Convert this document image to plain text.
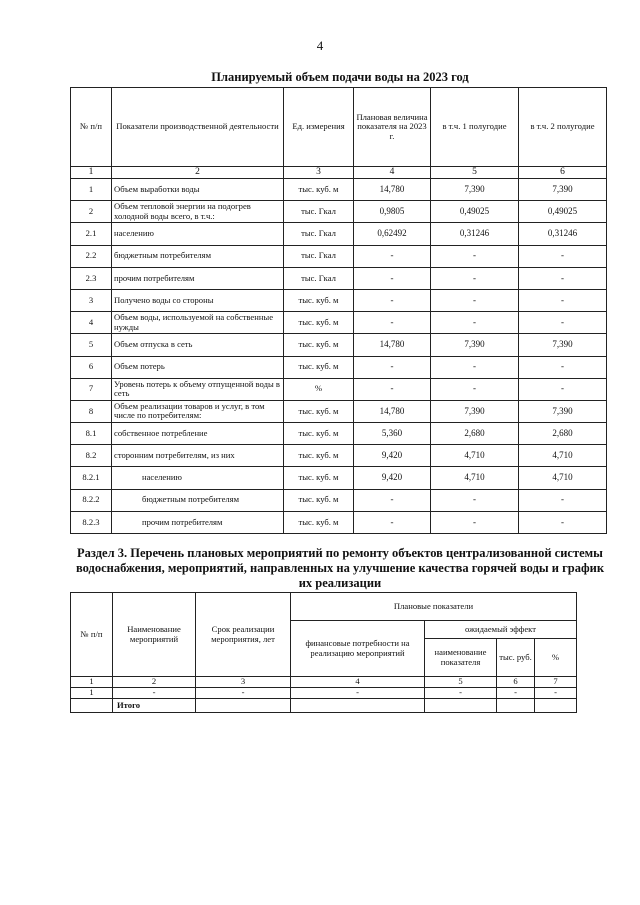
4
Планируемый объем подачи воды на 2023 год
№ п/п	Показатели производственной деятельности	Ед. измерения	Плановая величина показателя на 2023 г.	в т.ч. 1 полугодие	в т.ч. 2 полугодие
1	2	3	4	5	6
1	Объем выработки воды	тыс. куб. м	14,780	7,390	7,390
2	Объем тепловой энергии на подогрев холодной воды всего, в т.ч.:	тыс. Гкал	0,9805	0,49025	0,49025
2.1	населению	тыс. Гкал	0,62492	0,31246	0,31246
2.2	бюджетным потребителям	тыс. Гкал	-	-	-
2.3	прочим потребителям	тыс. Гкал	-	-	-
3	Получено воды со стороны	тыс. куб. м	-	-	-
4	Объем воды, используемой на собственные нужды	тыс. куб. м	-	-	-
5	Объем отпуска в сеть	тыс. куб. м	14,780	7,390	7,390
6	Объем потерь	тыс. куб. м	-	-	-
7	Уровень потерь к объему отпущенной воды в сеть	%	-	-	-
8	Объем реализации товаров и услуг, в том числе по потребителям:	тыс. куб. м	14,780	7,390	7,390
8.1	собственное потребление	тыс. куб. м	5,360	2,680	2,680
8.2	сторонним потребителям, из них	тыс. куб. м	9,420	4,710	4,710
8.2.1	населению	тыс. куб. м	9,420	4,710	4,710
8.2.2	бюджетным потребителям	тыс. куб. м	-	-	-
8.2.3	прочим потребителям	тыс. куб. м	-	-	-
Раздел 3. Перечень плановых мероприятий по ремонту объектов централизованной системы водоснабжения, мероприятий, направленных на улучшение качества горячей воды и график их реализации
№ п/п	Наименование мероприятий	Срок реализации мероприятия, лет	Плановые показатели			
			финансовые потребности на реализацию мероприятий	ожидаемый эффект		
				наименование показателя	тыс. руб.	%
1	2	3	4	5	6	7
1	-	-	-	-	-	-
	Итого					
